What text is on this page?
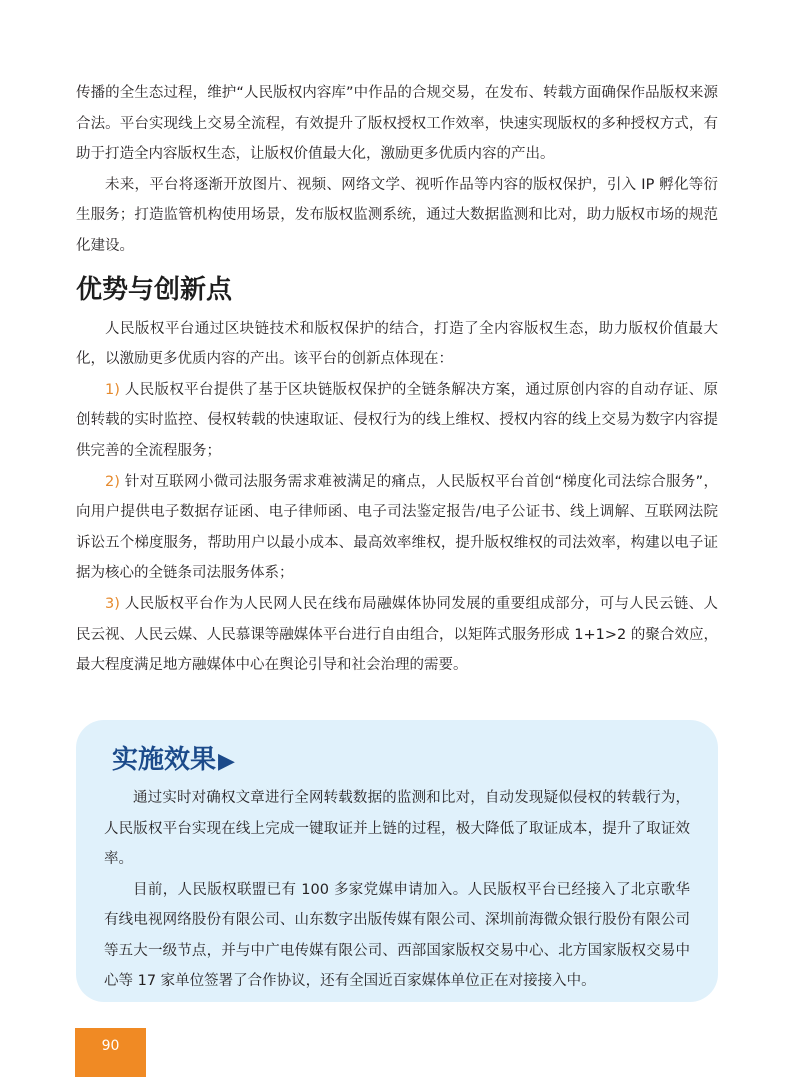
传播的全生态过程，维护“人民版权内容库”中作品的合规交易，在发布、转载方面确保作品版权来源合法。平台实现线上交易全流程，有效提升了版权授权工作效率，快速实现版权的多种授权方式，有助于打造全内容版权生态，让版权价值最大化，激励更多优质内容的产出。

未来，平台将逐渐开放图片、视频、网络文学、视听作品等内容的版权保护，引入 IP 孵化等衍生服务；打造监管机构使用场景，发布版权监测系统，通过大数据监测和比对，助力版权市场的规范化建设。

优势与创新点

人民版权平台通过区块链技术和版权保护的结合，打造了全内容版权生态，助力版权价值最大化，以激励更多优质内容的产出。该平台的创新点体现在：

1) 人民版权平台提供了基于区块链版权保护的全链条解决方案，通过原创内容的自动存证、原创转载的实时监控、侵权转载的快速取证、侵权行为的线上维权、授权内容的线上交易为数字内容提供完善的全流程服务；

2) 针对互联网小微司法服务需求难被满足的痛点，人民版权平台首创“梯度化司法综合服务”，向用户提供电子数据存证函、电子律师函、电子司法鉴定报告/电子公证书、线上调解、互联网法院诉讼五个梯度服务，帮助用户以最小成本、最高效率维权，提升版权维权的司法效率，构建以电子证据为核心的全链条司法服务体系；

3) 人民版权平台作为人民网人民在线布局融媒体协同发展的重要组成部分，可与人民云链、人民云视、人民云媒、人民慕课等融媒体平台进行自由组合，以矩阵式服务形成 1+1>2 的聚合效应，最大程度满足地方融媒体中心在舆论引导和社会治理的需要。

实施效果▶

通过实时对确权文章进行全网转载数据的监测和比对，自动发现疑似侵权的转载行为，人民版权平台实现在线上完成一键取证并上链的过程，极大降低了取证成本，提升了取证效率。

目前，人民版权联盟已有 100 多家党媒申请加入。人民版权平台已经接入了北京歌华有线电视网络股份有限公司、山东数字出版传媒有限公司、深圳前海微众银行股份有限公司等五大一级节点，并与中广电传媒有限公司、西部国家版权交易中心、北方国家版权交易中心等 17 家单位签署了合作协议，还有全国近百家媒体单位正在对接接入中。

90
